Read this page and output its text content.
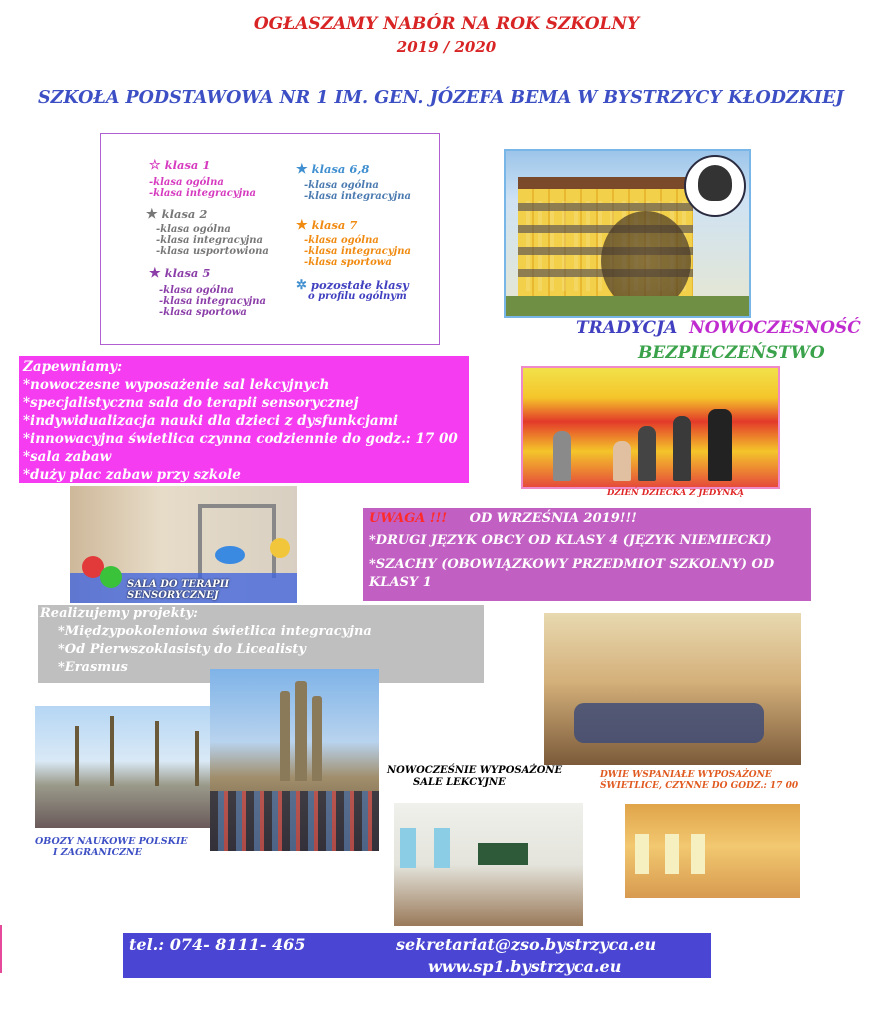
OGŁASZAMY NABÓR NA ROK SZKOLNY
2019 / 2020
SZKOŁA PODSTAWOWA NR 1 IM. GEN. JÓZEFA BEMA W BYSTRZYCY KŁODZKIEJ
☆ klasa 1
-klasa ogólna
-klasa integracyjna
★ klasa 2
-klasa ogólna
-klasa integracyjna
-klasa usportowiona
★ klasa 5
-klasa ogólna
-klasa integracyjna
-klasa sportowa
★ klasa 6,8
-klasa ogólna
-klasa integracyjna
★ klasa 7
-klasa ogólna
-klasa integracyjna
-klasa sportowa
✲ pozostałe klasy
o profilu ogólnym
TRADYCJA NOWOCZESNOŚĆ
BEZPIECZEŃSTWO
Zapewniamy:
*nowoczesne wyposażenie sal lekcyjnych
*specjalistyczna sala do terapii sensorycznej
*indywidualizacja nauki dla dzieci z dysfunkcjami
*innowacyjna świetlica czynna codziennie do godz.: 17 00
*sala zabaw
*duży plac zabaw przy szkole
DZIEŃ DZIECKA Z JEDYNKĄ
SALA DO TERAPII
SENSORYCZNEJ
UWAGA !!! OD WRZEŚNIA 2019!!!
*DRUGI JĘZYK OBCY OD KLASY 4 (JĘZYK NIEMIECKI)
*SZACHY (OBOWIĄZKOWY PRZEDMIOT SZKOLNY) OD
KLASY 1
Realizujemy projekty:
*Międzypokoleniowa świetlica integracyjna
*Od Pierwszoklasisty do Licealisty
*Erasmus
DWIE WSPANIAŁE WYPOSAŻONE
ŚWIETLICE, CZYNNE DO GODZ.: 17 00
OBOZY NAUKOWE POLSKIE
I ZAGRANICZNE
NOWOCZEŚNIE WYPOSAŻONE
SALE LEKCYJNE
tel.: 074- 8111- 465	sekretariat@zso.bystrzyca.eu
www.sp1.bystrzyca.eu
